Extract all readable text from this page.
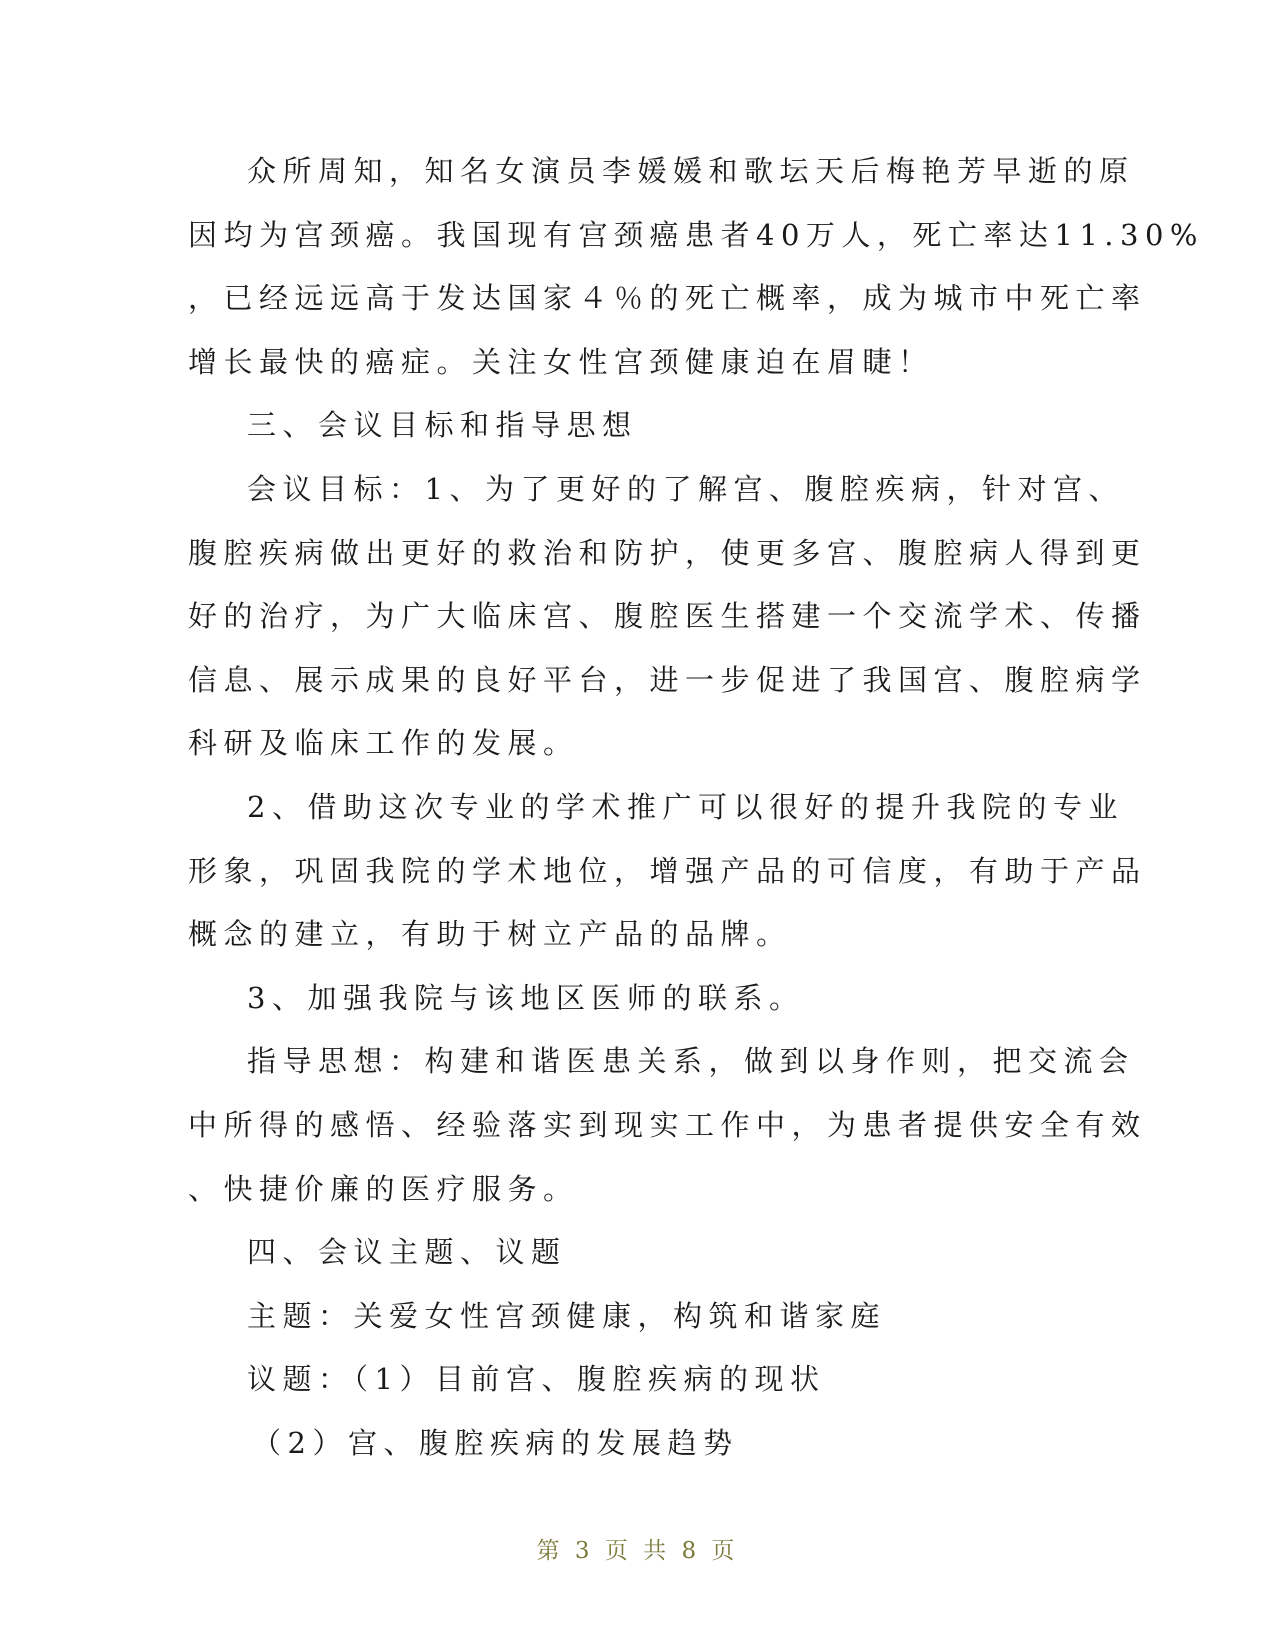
众所周知，知名女演员李媛媛和歌坛天后梅艳芳早逝的原
因均为宫颈癌。我国现有宫颈癌患者40万人，死亡率达11.30%
，已经远远高于发达国家４％的死亡概率，成为城市中死亡率
增长最快的癌症。关注女性宫颈健康迫在眉睫！
三、会议目标和指导思想
会议目标：1、为了更好的了解宫、腹腔疾病，针对宫、
腹腔疾病做出更好的救治和防护，使更多宫、腹腔病人得到更
好的治疗，为广大临床宫、腹腔医生搭建一个交流学术、传播
信息、展示成果的良好平台，进一步促进了我国宫、腹腔病学
科研及临床工作的发展。
2、借助这次专业的学术推广可以很好的提升我院的专业
形象，巩固我院的学术地位，增强产品的可信度，有助于产品
概念的建立，有助于树立产品的品牌。
3、加强我院与该地区医师的联系。
指导思想：构建和谐医患关系，做到以身作则，把交流会
中所得的感悟、经验落实到现实工作中，为患者提供安全有效
、快捷价廉的医疗服务。
四、会议主题、议题
主题：关爱女性宫颈健康，构筑和谐家庭
议题：（1）目前宫、腹腔疾病的现状
（2）宫、腹腔疾病的发展趋势
第 3 页 共 8 页
